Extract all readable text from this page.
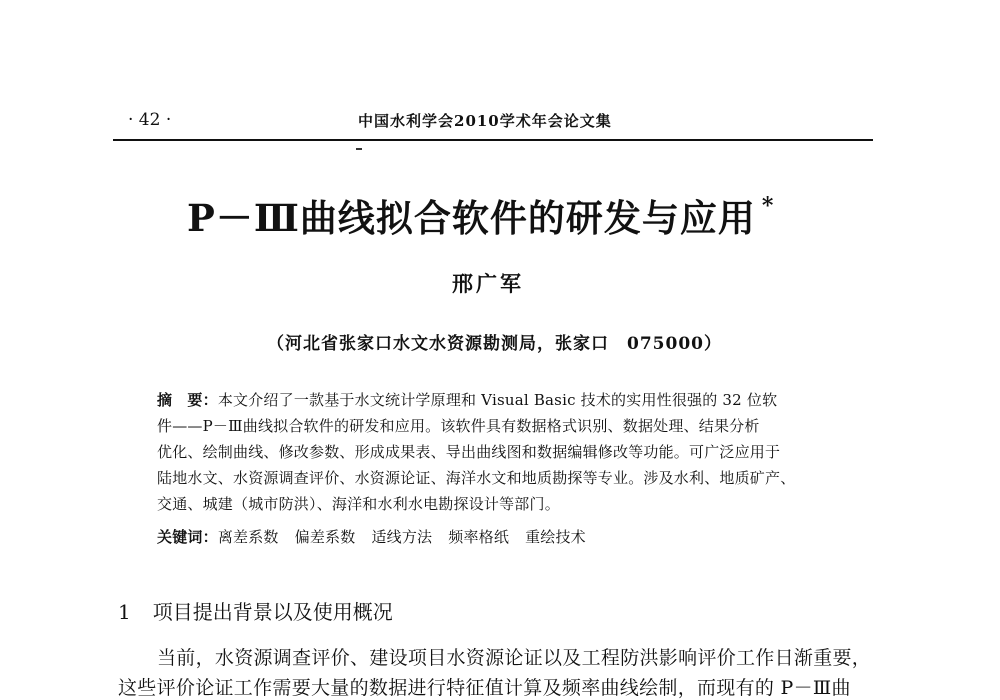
· 42 ·	中国水利学会2010学术年会论文集
P－Ⅲ曲线拟合软件的研发与应用 *
邢广军
（河北省张家口水文水资源勘测局，张家口　075000）
摘　要：本文介绍了一款基于水文统计学原理和 Visual Basic 技术的实用性很强的 32 位软
件——P－Ⅲ曲线拟合软件的研发和应用。该软件具有数据格式识别、数据处理、结果分析
优化、绘制曲线、修改参数、形成成果表、导出曲线图和数据编辑修改等功能。可广泛应用于
陆地水文、水资源调查评价、水资源论证、海洋水文和地质勘探等专业。涉及水利、地质矿产、
交通、城建（城市防洪）、海洋和水利水电勘探设计等部门。
关键词：离差系数 偏差系数 适线方法 频率格纸 重绘技术
1 项目提出背景以及使用概况
当前，水资源调查评价、建设项目水资源论证以及工程防洪影响评价工作日渐重要，
这些评价论证工作需要大量的数据进行特征值计算及频率曲线绘制，而现有的 P－Ⅲ曲
